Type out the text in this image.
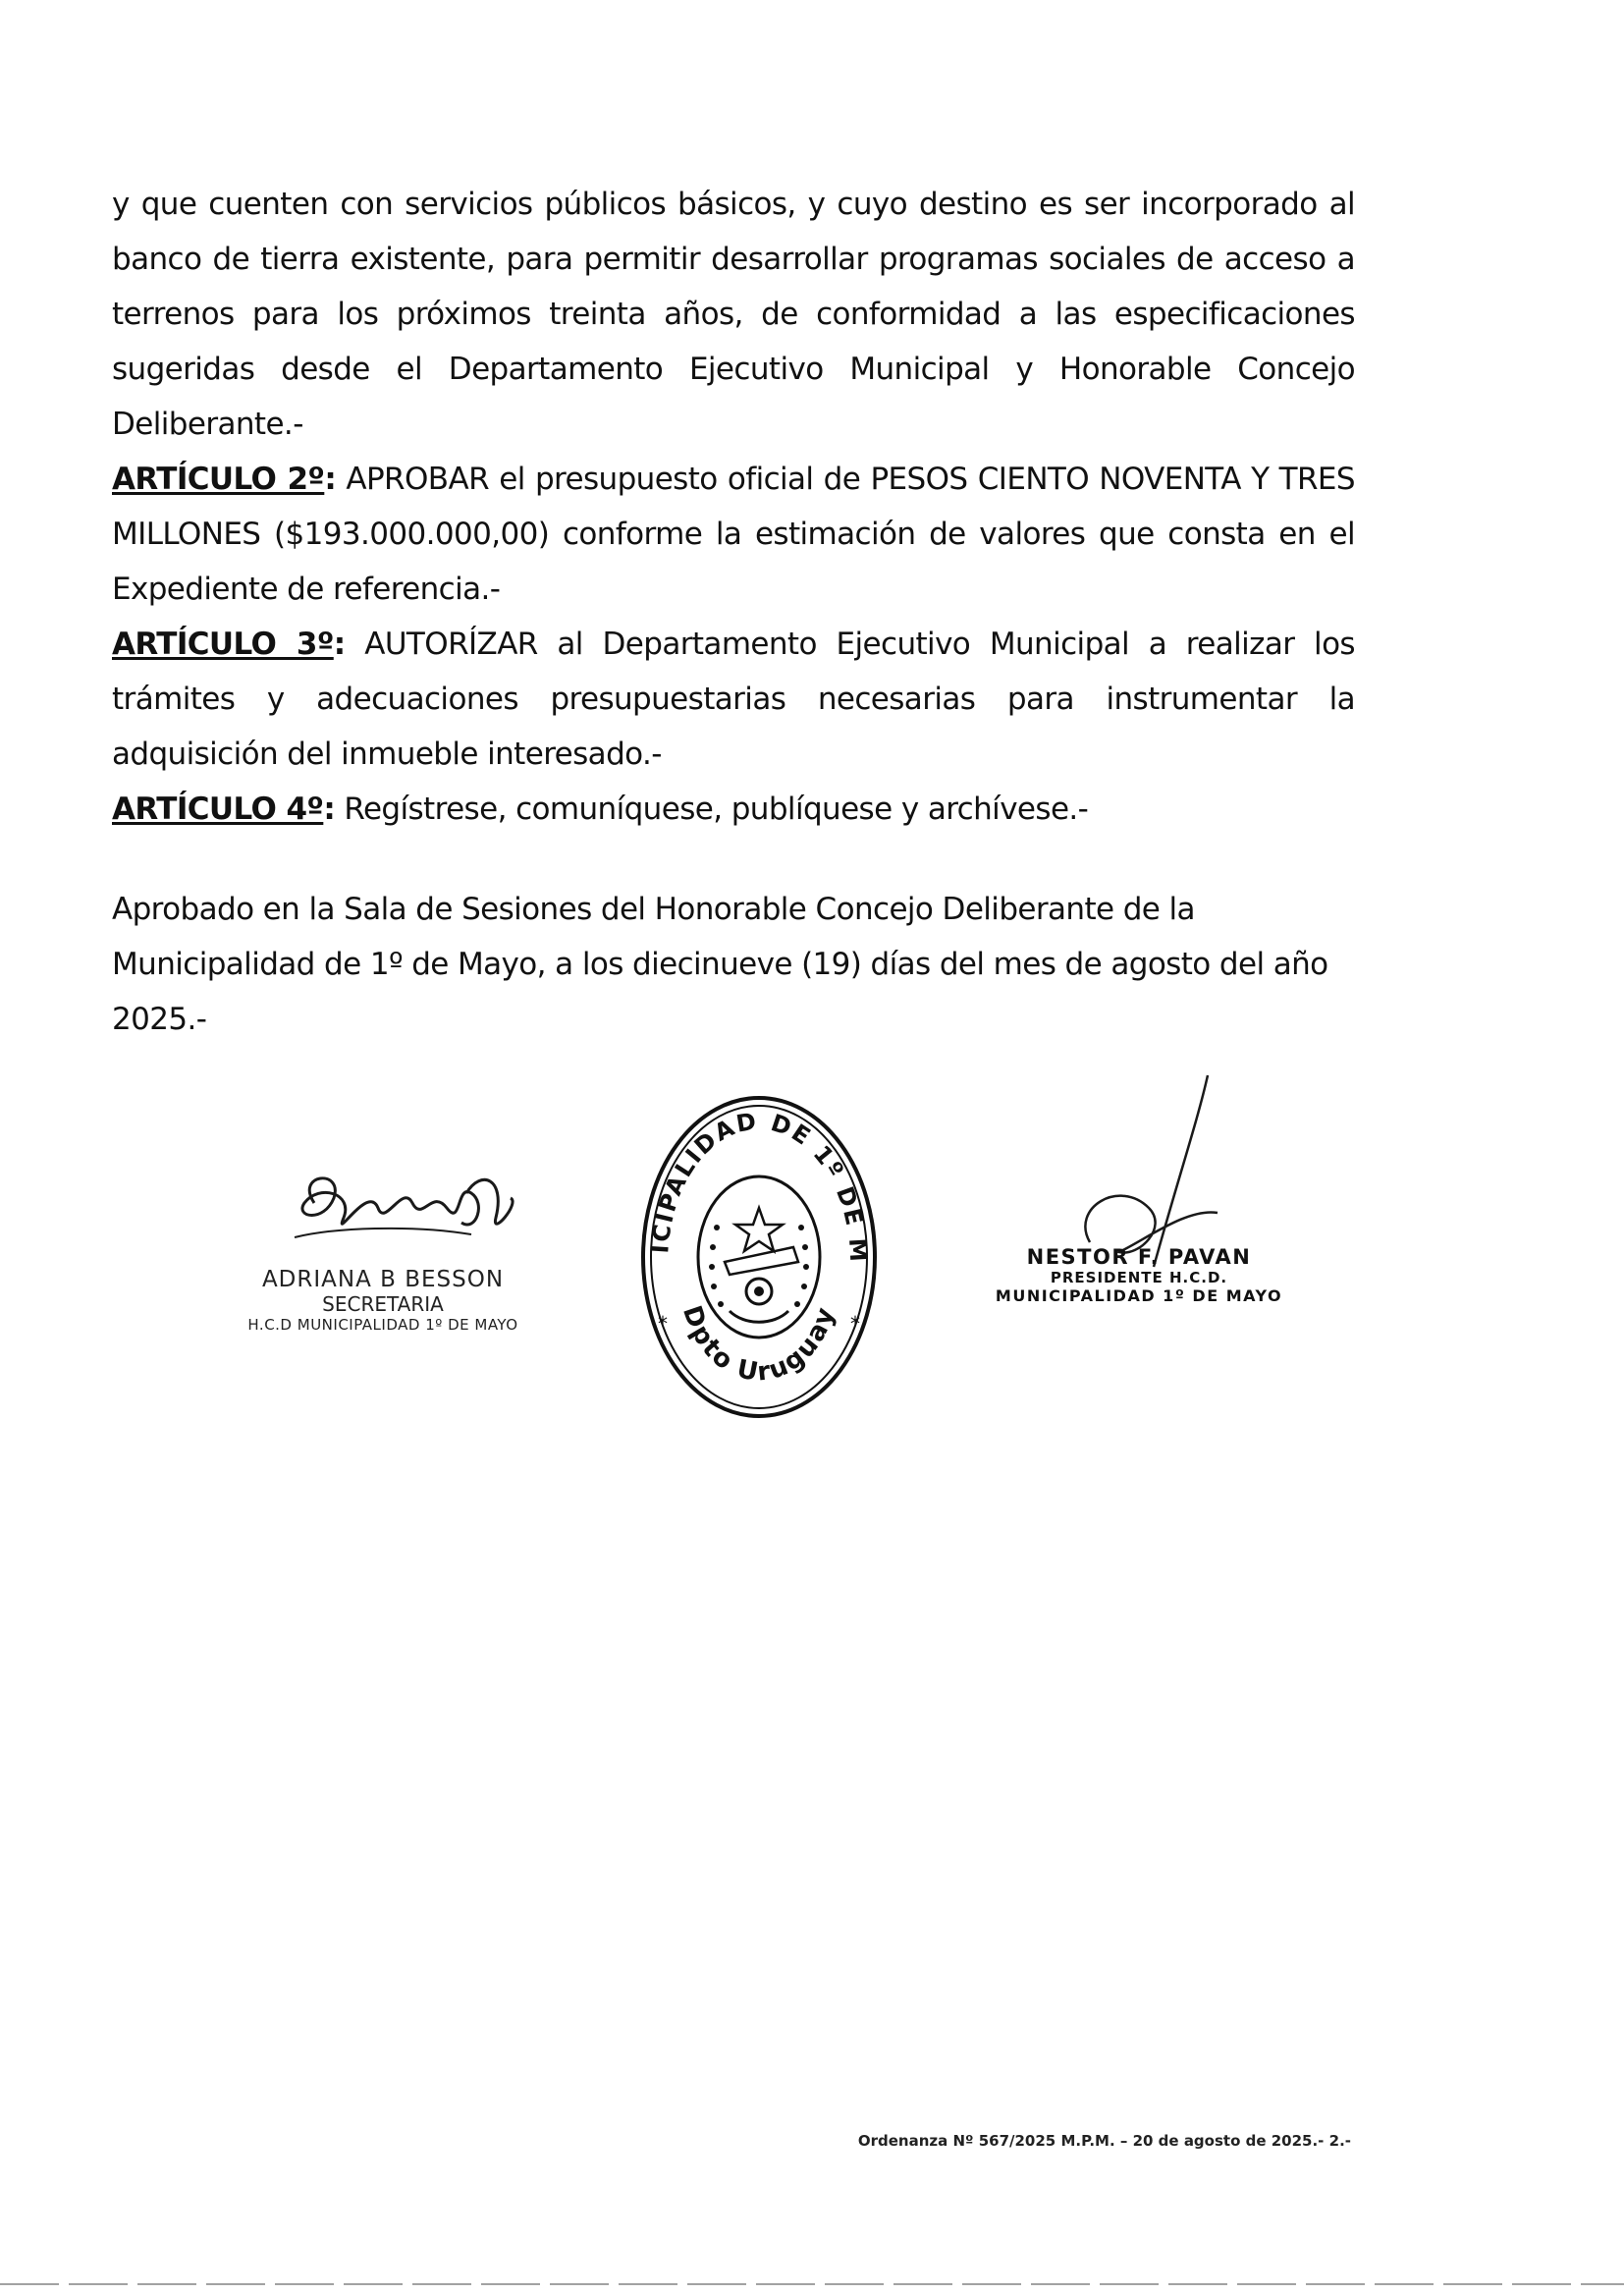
y que cuenten con servicios públicos básicos, y cuyo destino es ser incorporado al banco de tierra existente, para permitir desarrollar programas sociales de acceso a terrenos para los próximos treinta años, de conformidad a las especificaciones sugeridas desde el Departamento Ejecutivo Municipal y Honorable Concejo Deliberante.-

ARTÍCULO 2º: APROBAR el presupuesto oficial de PESOS CIENTO NOVENTA Y TRES MILLONES ($193.000.000,00) conforme la estimación de valores que consta en el Expediente de referencia.-

ARTÍCULO 3º: AUTORÍZAR al Departamento Ejecutivo Municipal a realizar los trámites y adecuaciones presupuestarias necesarias para instrumentar la adquisición del inmueble interesado.-

ARTÍCULO 4º: Regístrese, comuníquese, publíquese y archívese.-

Aprobado en la Sala de Sesiones del Honorable Concejo Deliberante de la Municipalidad de 1º de Mayo, a los diecinueve (19) días del mes de agosto del año 2025.-

ADRIANA B BESSON
SECRETARIA
H.C.D MUNICIPALIDAD 1º DE MAYO
MUNICIPALIDAD DE 1º DE MAYO
Dpto Uruguay
*	*
NESTOR F. PAVAN
PRESIDENTE H.C.D.
MUNICIPALIDAD 1º DE MAYO
Ordenanza Nº 567/2025 M.P.M. – 20 de agosto de 2025.- 2.-
